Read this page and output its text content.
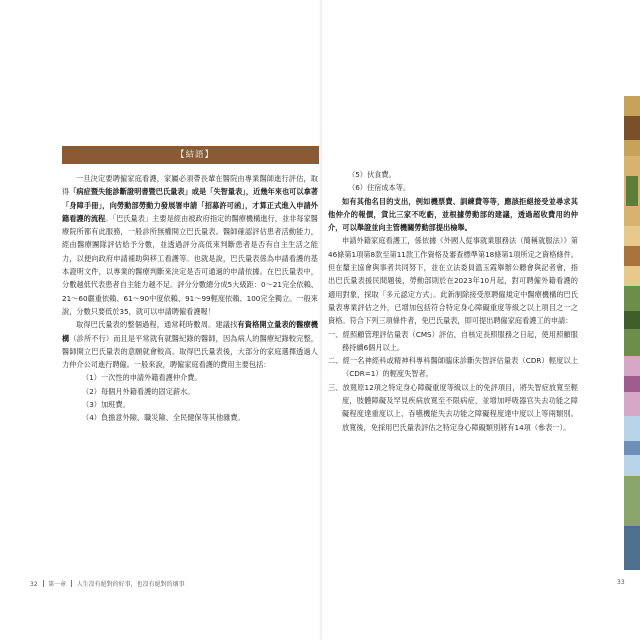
【結語】

一旦決定要聘僱家庭看護，家屬必須帶長輩在醫院由專業醫師進行評估，取得「病症暨失能診斷證明書暨巴氏量表」或是「失智量表」，近幾年來也可以拿著「身障手冊」，向勞動部勞動力發展署申請「招募許可函」，才算正式進入申請外籍看護的流程。「巴氏量表」主要是經由被政府指定的醫療機構進行，並非每家醫療院所都有此服務，一般診所無權開立巴氏量表。醫師確認評估患者活動能力，經由醫療團隊評估給予分數，並透過評分高低來判斷患者是否有自主生活之能力，以便向政府申請補助與移工看護等。也就是說，巴氏量表係為申請看護的基本證明文件，以專業的醫療判斷來決定是否可通過的申請依據。在巴氏量表中，分數越低代表患者自主能力越不足。評分分數總分成5大級距：0～21完全依賴、21～60嚴重依賴、61～90中度依賴、91～99輕度依賴、100完全獨立。一般來說，分數只要低於35，就可以申請聘僱看護喔！

取得巴氏量表的整個過程，通常耗時數周。建議找有資格開立量表的醫療機構（診所不行）而且是平常就有就醫紀錄的醫師，因為病人的醫療紀錄較完整，醫師開立巴氏量表的意願就會較高。取得巴氏量表後，大部分的家庭選擇透過人力仲介公司進行聘僱。一般來說，聘僱家庭看護的費用主要包括：

（1）一次性的申請外籍看護仲介費。
（2）每個月外籍看護的固定薪水。
（3）加班費。
（4）負擔意外險、職災險、全民健保等其他雜費。
32 第一章 人生沒有絕對的好事，也沒有絕對的壞事
（5）伙食費。
（6）住宿成本等。

如有其他名目的支出，例如機票費、訓練費等等，應該拒絕接受並尋求其他仲介的報價，貨比三家不吃虧，並根據勞動部的建議，透過超收費用的仲介，可以舉證並向主管機關勞動部提出檢舉。

申請外籍家庭看護工，係依據《外國人從事就業服務法（簡稱就服法）》第46條第1項第8款至第11款工作資格及審查標準第18條第1項所定之資格條件。但在釐主協會與事者共同努下，並在立法委員溫玉霞舉辦公聽會與記者會，指出巴氏量表援民間題後，勞動部則於在2023年10月起，對可聘僱外籍看護的適用對象，採取「多元認定方式」。此新制除接受原聘僱規定中醫療機構的巴氏量表專業評估之外，已增加包括符合特定身心障礙重度等級之以上項目之一之資格。符合下列三項條件者，免巴氏量表，即可提出聘僱家庭看護工的申請：

一、經照顧管理評估量表（CMS）評估，自核定長照服務之日起，使用照顧服務持續6個月以上。
二、經一名神經科或精神科專科醫師臨床診斷失智評估量表（CDR）輕度以上（CDR=1）的輕度失智者。
三、放寬原12項之特定身心障礙重度等級以上的免評項目，將失智症放寬至輕度，肢體障礙及罕見疾病放寬至不限病症，並增加呼吸器官失去功能之障礙程度達重度以上、吞嚥機能失去功能之障礙程度達中度以上等兩類別。放寬後，免採用巴氏量表評估之特定身心障礙類別將有14項（參表一）。
33
